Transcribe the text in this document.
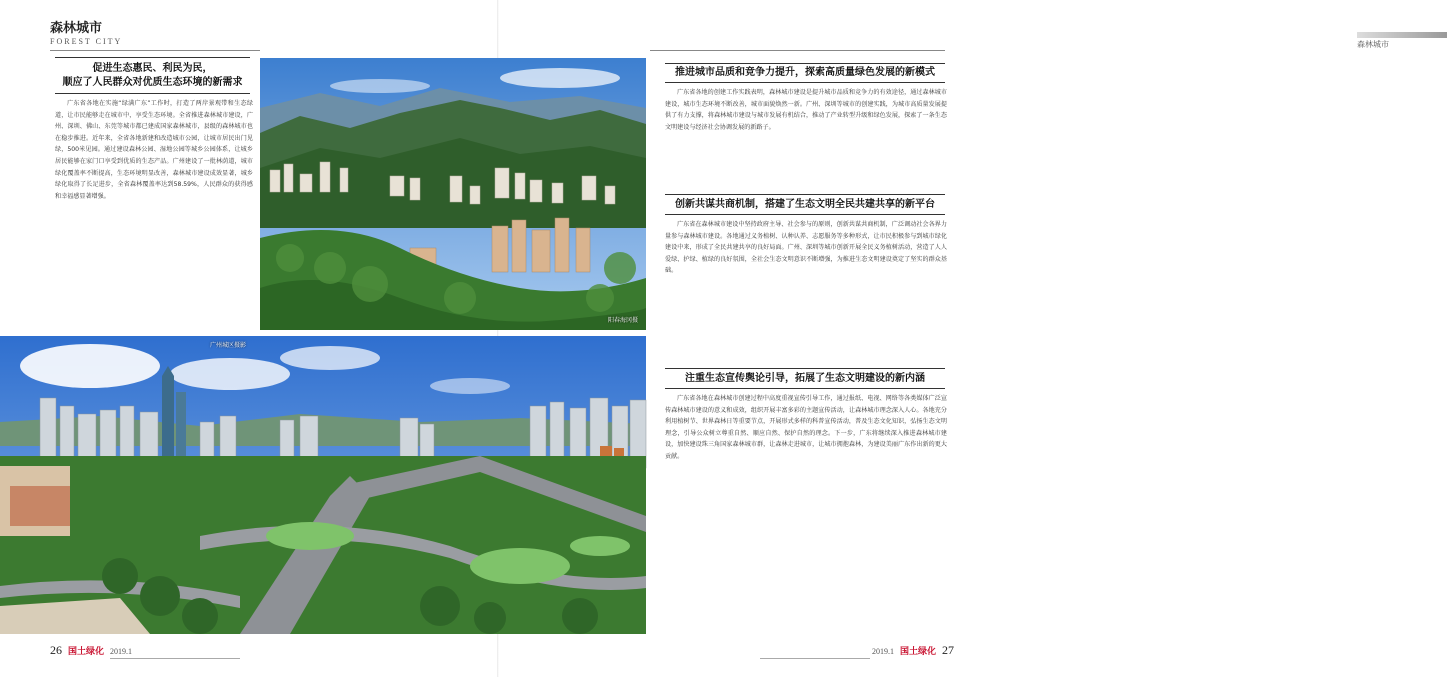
森林城市
FOREST CITY
促进生态惠民、利民为民，
顺应了人民群众对优质生态环境的新需求
广东省各地在实施“绿满广东”工作时，打造了两岸景观带和生态绿道，让市民能够走在城市中，享受生态环境。全省推进森林城市建设，广州、深圳、佛山、东莞等城市都已建成国家森林城市，县级的森林城市也在稳步推进。近年来，全省各地新建和改造城市公园，让城市居民出门见绿，500米见园。通过建设森林公园、湿地公园等城乡公园体系，让城乡居民能够在家门口享受到优质的生态产品。广州建设了一批林荫道，城市绿化覆盖率不断提高，生态环境明显改善，森林城市建设成效显著，城乡绿化取得了长足进步，全省森林覆盖率达到58.59%，人民群众的获得感和幸福感显著增强。
森林城市
阳春海冈摄
广州城区摄影
推进城市品质和竞争力提升，探索高质量绿色发展的新模式
广东省各地的创建工作实践表明，森林城市建设是提升城市品质和竞争力的有效途径，通过森林城市建设，城市生态环境不断改善，城市面貌焕然一新。广州、深圳等城市的创建实践，为城市高质量发展提供了有力支撑，将森林城市建设与城市发展有机结合，推动了产业转型升级和绿色发展，探索了一条生态文明建设与经济社会协调发展的新路子。
创新共谋共商机制，搭建了生态文明全民共建共享的新平台
广东省在森林城市建设中坚持政府主导、社会参与的原则，创新共谋共商机制，广泛调动社会各界力量参与森林城市建设。各地通过义务植树、认种认养、志愿服务等多种形式，让市民积极参与到城市绿化建设中来，形成了全民共建共享的良好局面。广州、深圳等城市创新开展全民义务植树活动，营造了人人爱绿、护绿、植绿的良好氛围，全社会生态文明意识不断增强，为推进生态文明建设奠定了坚实的群众基础。
注重生态宣传舆论引导，拓展了生态文明建设的新内涵
广东省各地在森林城市创建过程中高度重视宣传引导工作，通过报纸、电视、网络等各类媒体广泛宣传森林城市建设的意义和成效，组织开展丰富多彩的主题宣传活动，让森林城市理念深入人心。各地充分利用植树节、世界森林日等重要节点，开展形式多样的科普宣传活动，普及生态文化知识，弘扬生态文明理念，引导公众树立尊重自然、顺应自然、保护自然的理念。下一步，广东将继续深入推进森林城市建设，加快建设珠三角国家森林城市群，让森林走进城市，让城市拥抱森林，为建设美丽广东作出新的更大贡献。
26 国土绿化 2019.1	2019.1 国土绿化 27
